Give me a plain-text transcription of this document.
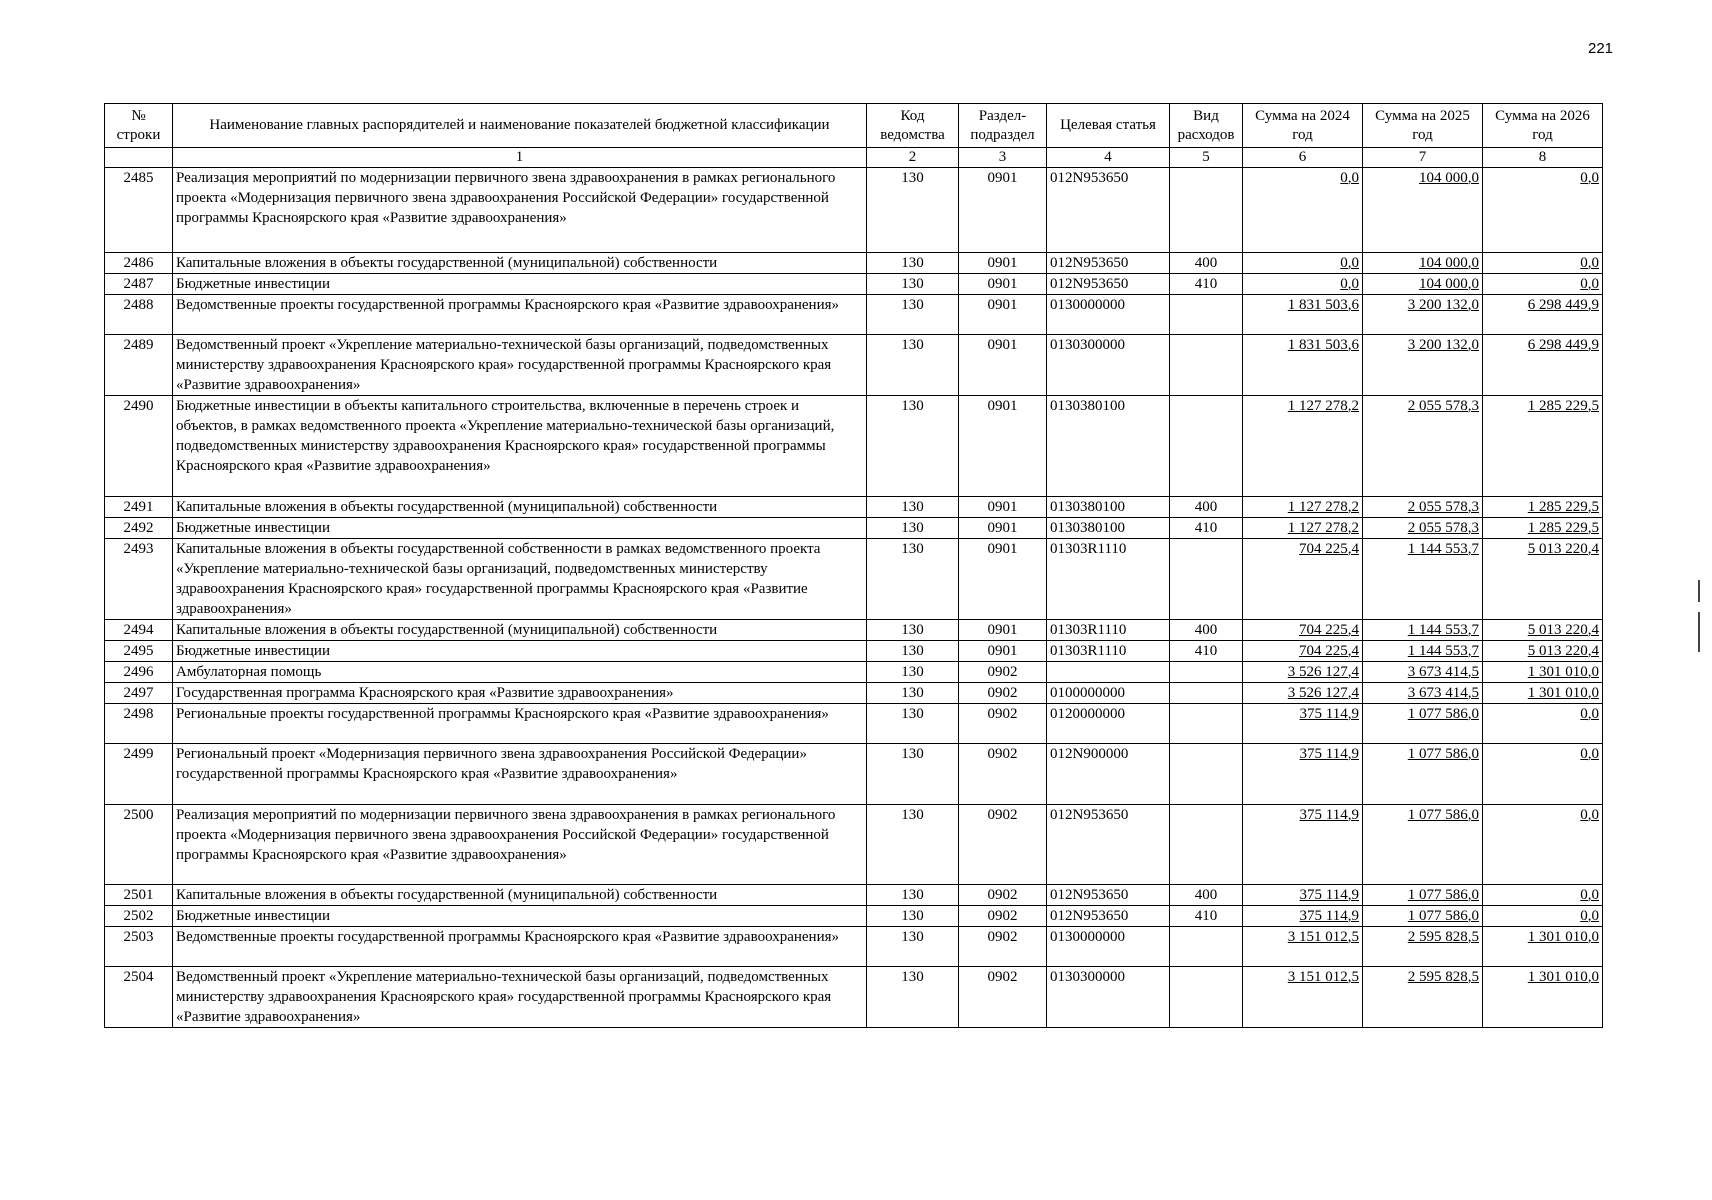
221
№ строки	Наименование главных распорядителей и наименование показателей бюджетной классификации	Код ведомства	Раздел-подраздел	Целевая статья	Вид расходов	Сумма на 2024 год	Сумма на 2025 год	Сумма на 2026 год
	1	2	3	4	5	6	7	8
2485	Реализация мероприятий по модернизации первичного звена здравоохранения в рамках регионального проекта «Модернизация первичного звена здравоохранения Российской Федерации» государственной программы Красноярского края «Развитие здравоохранения»	130	0901	012N953650		0,0	104 000,0	0,0
2486	Капитальные вложения в объекты государственной (муниципальной) собственности	130	0901	012N953650	400	0,0	104 000,0	0,0
2487	Бюджетные инвестиции	130	0901	012N953650	410	0,0	104 000,0	0,0
2488	Ведомственные проекты государственной программы Красноярского края «Развитие здравоохранения»	130	0901	0130000000		1 831 503,6	3 200 132,0	6 298 449,9
2489	Ведомственный проект «Укрепление материально-технической базы организаций, подведомственных министерству здравоохранения Красноярского края» государственной программы Красноярского края «Развитие здравоохранения»	130	0901	0130300000		1 831 503,6	3 200 132,0	6 298 449,9
2490	Бюджетные инвестиции в объекты капитального строительства, включенные в перечень строек и объектов, в рамках ведомственного проекта «Укрепление материально-технической базы организаций, подведомственных министерству здравоохранения Красноярского края» государственной программы Красноярского края «Развитие здравоохранения»	130	0901	0130380100		1 127 278,2	2 055 578,3	1 285 229,5
2491	Капитальные вложения в объекты государственной (муниципальной) собственности	130	0901	0130380100	400	1 127 278,2	2 055 578,3	1 285 229,5
2492	Бюджетные инвестиции	130	0901	0130380100	410	1 127 278,2	2 055 578,3	1 285 229,5
2493	Капитальные вложения в объекты государственной собственности в рамках ведомственного проекта «Укрепление материально-технической базы организаций, подведомственных министерству здравоохранения Красноярского края» государственной программы Красноярского края «Развитие здравоохранения»	130	0901	01303R1110		704 225,4	1 144 553,7	5 013 220,4
2494	Капитальные вложения в объекты государственной (муниципальной) собственности	130	0901	01303R1110	400	704 225,4	1 144 553,7	5 013 220,4
2495	Бюджетные инвестиции	130	0901	01303R1110	410	704 225,4	1 144 553,7	5 013 220,4
2496	Амбулаторная помощь	130	0902			3 526 127,4	3 673 414,5	1 301 010,0
2497	Государственная программа Красноярского края «Развитие здравоохранения»	130	0902	0100000000		3 526 127,4	3 673 414,5	1 301 010,0
2498	Региональные проекты государственной программы Красноярского края «Развитие здравоохранения»	130	0902	0120000000		375 114,9	1 077 586,0	0,0
2499	Региональный проект «Модернизация первичного звена здравоохранения Российской Федерации» государственной программы Красноярского края «Развитие здравоохранения»	130	0902	012N900000		375 114,9	1 077 586,0	0,0
2500	Реализация мероприятий по модернизации первичного звена здравоохранения в рамках регионального проекта «Модернизация первичного звена здравоохранения Российской Федерации» государственной программы Красноярского края «Развитие здравоохранения»	130	0902	012N953650		375 114,9	1 077 586,0	0,0
2501	Капитальные вложения в объекты государственной (муниципальной) собственности	130	0902	012N953650	400	375 114,9	1 077 586,0	0,0
2502	Бюджетные инвестиции	130	0902	012N953650	410	375 114,9	1 077 586,0	0,0
2503	Ведомственные проекты государственной программы Красноярского края «Развитие здравоохранения»	130	0902	0130000000		3 151 012,5	2 595 828,5	1 301 010,0
2504	Ведомственный проект «Укрепление материально-технической базы организаций, подведомственных министерству здравоохранения Красноярского края» государственной программы Красноярского края «Развитие здравоохранения»	130	0902	0130300000		3 151 012,5	2 595 828,5	1 301 010,0
